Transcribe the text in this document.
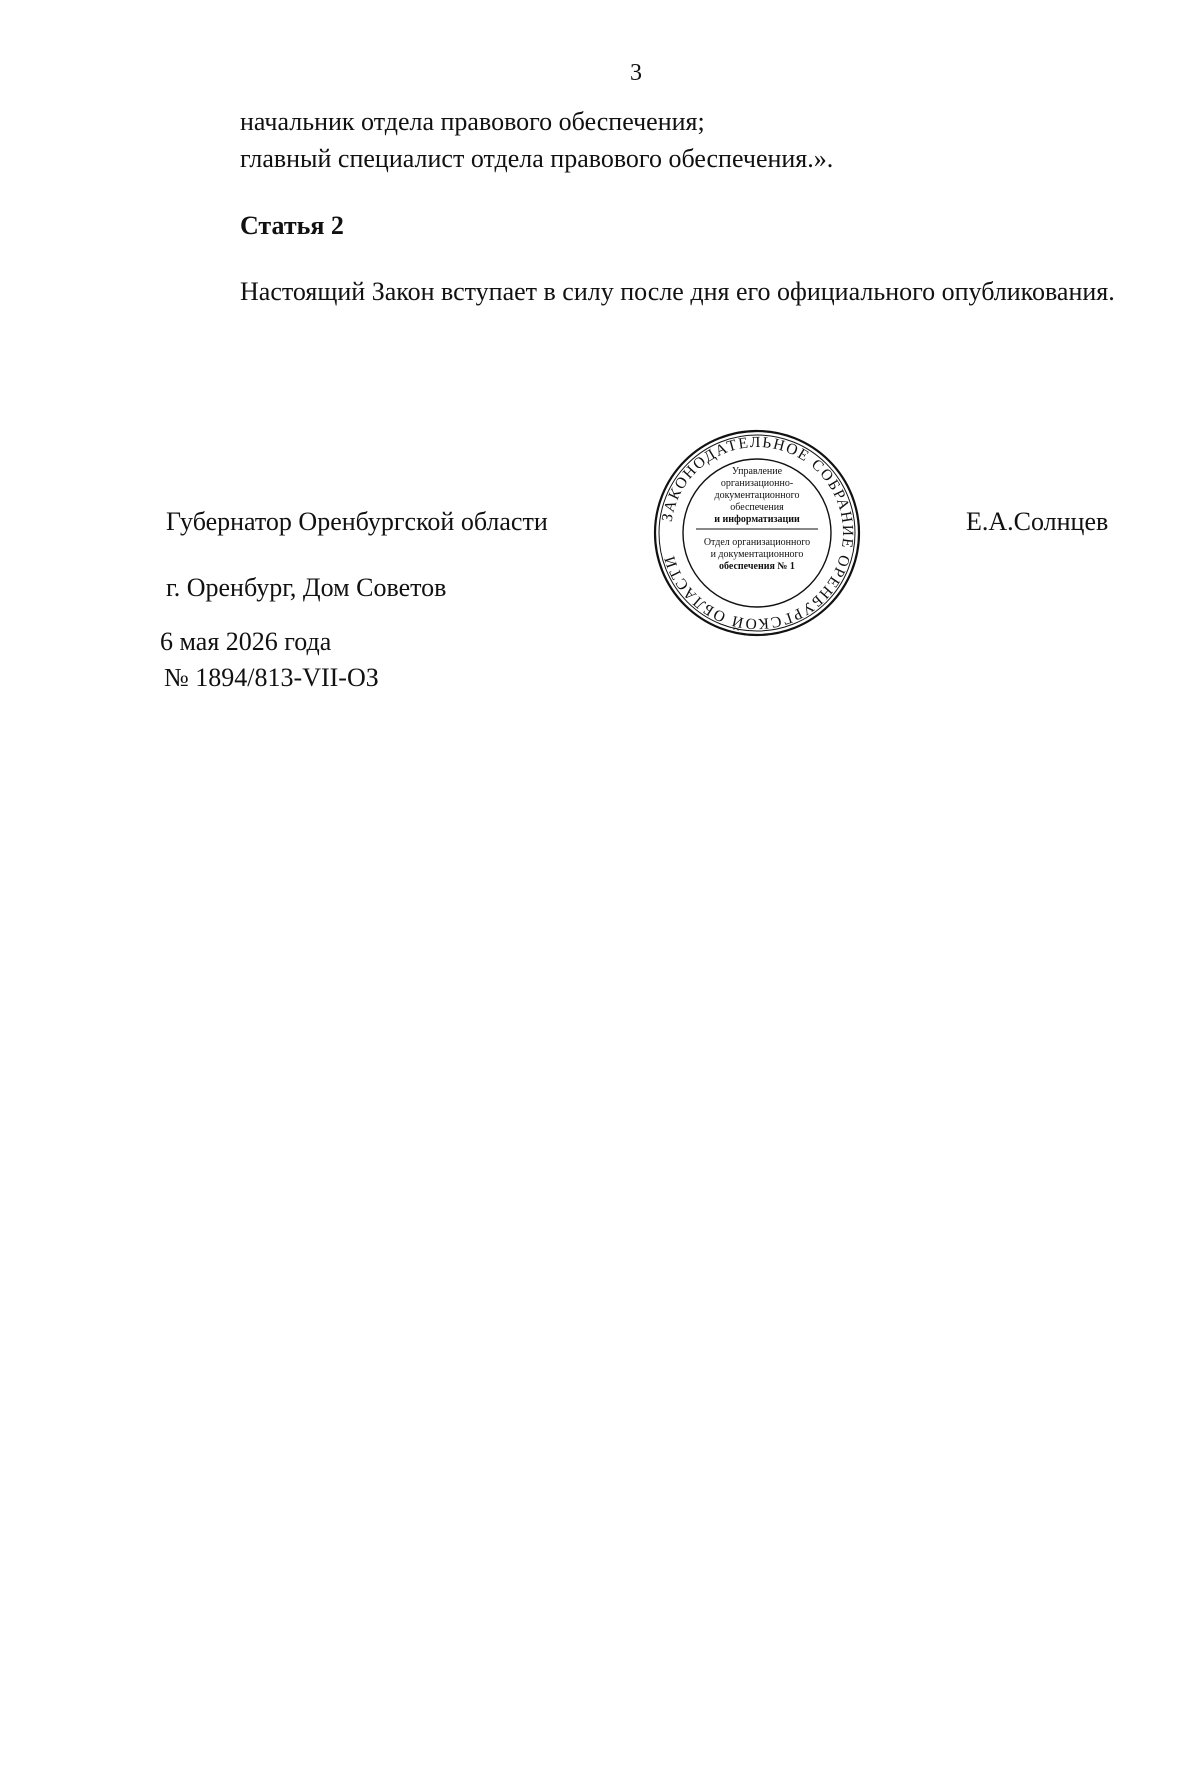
3
начальник отдела правового обеспечения;
главный специалист отдела правового обеспечения.».
Статья 2
Настоящий Закон вступает в силу после дня его официального опубликования.
Губернатор Оренбургской области	Е.А.Солнцев
г. Оренбург, Дом Советов
6 мая 2026 года
№ 1894/813-VII-ОЗ
ЗАКОНОДАТЕЛЬНОЕ СОБРАНИЕ ОРЕНБУРГСКОЙ ОБЛАСТИ
Управление
организационно-
документационного
обеспечения
и информатизации
Отдел организационного
и документационного
обеспечения № 1
